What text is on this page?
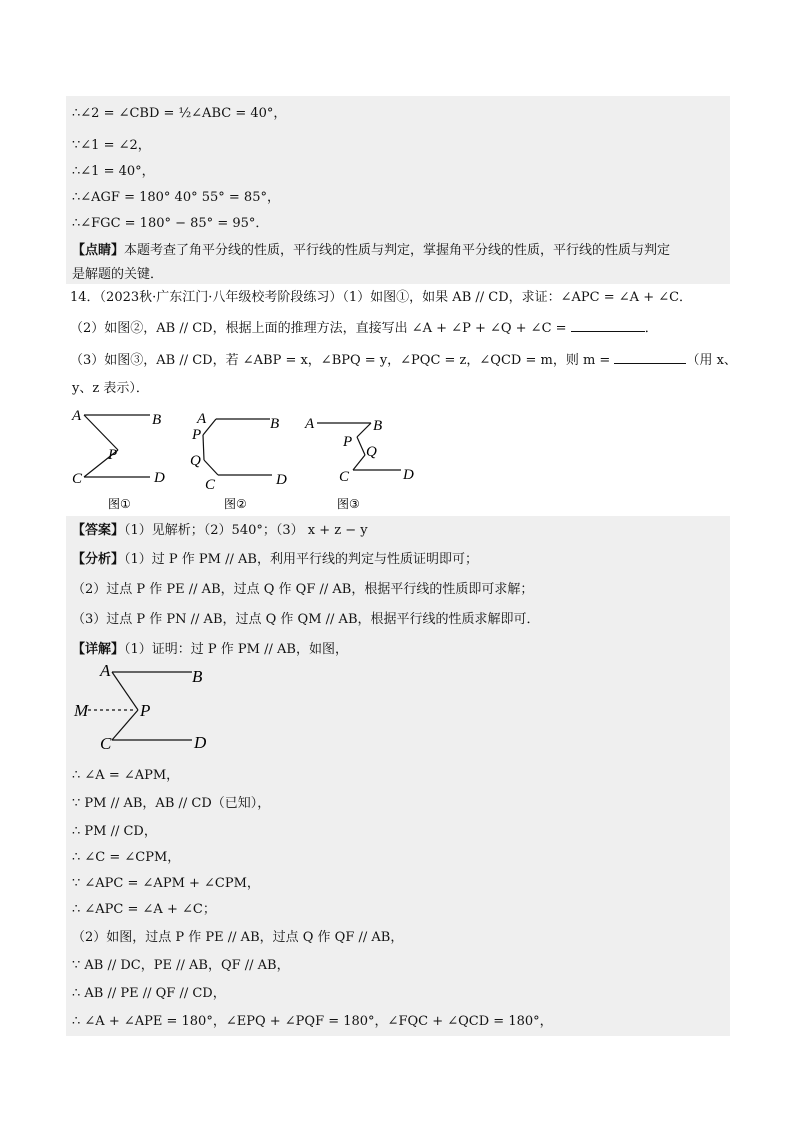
∴∠2 = ∠CBD = ½∠ABC = 40°，
∵∠1 = ∠2，
∴∠1 = 40°，
∴∠AGF = 180° 40° 55° = 85°，
∴∠FGC = 180° − 85° = 95°．
【点睛】本题考查了角平分线的性质，平行线的性质与判定，掌握角平分线的性质，平行线的性质与判定
是解题的关键．
14．（2023秋·广东江门·八年级校考阶段练习）（1）如图①，如果 AB // CD，求证：∠APC = ∠A + ∠C．
（2）如图②，AB // CD，根据上面的推理方法，直接写出 ∠A + ∠P + ∠Q + ∠C =	．
（3）如图③，AB // CD，若 ∠ABP = x，∠BPQ = y，∠PQC = z，∠QCD = m，则 m =	（用 x、
y、z 表示）．
A	B
P
C	D
图①
A	B
P
Q
C	D
图②
A	B
P
Q
C	D
图③
【答案】（1）见解析；（2）540°；（3） x + z − y
【分析】（1）过 P 作 PM // AB，利用平行线的判定与性质证明即可；
（2）过点 P 作 PE // AB，过点 Q 作 QF // AB，根据平行线的性质即可求解；
（3）过点 P 作 PN // AB，过点 Q 作 QM // AB，根据平行线的性质求解即可．
【详解】（1）证明：过 P 作 PM // AB，如图，
A	B
M	P
C	D
∴ ∠A = ∠APM，
∵ PM // AB，AB // CD（已知），
∴ PM // CD，
∴ ∠C = ∠CPM，
∵ ∠APC = ∠APM + ∠CPM，
∴ ∠APC = ∠A + ∠C；
（2）如图，过点 P 作 PE // AB，过点 Q 作 QF // AB，
∵ AB // DC，PE // AB，QF // AB，
∴ AB // PE // QF // CD，
∴ ∠A + ∠APE = 180°，∠EPQ + ∠PQF = 180°，∠FQC + ∠QCD = 180°，
